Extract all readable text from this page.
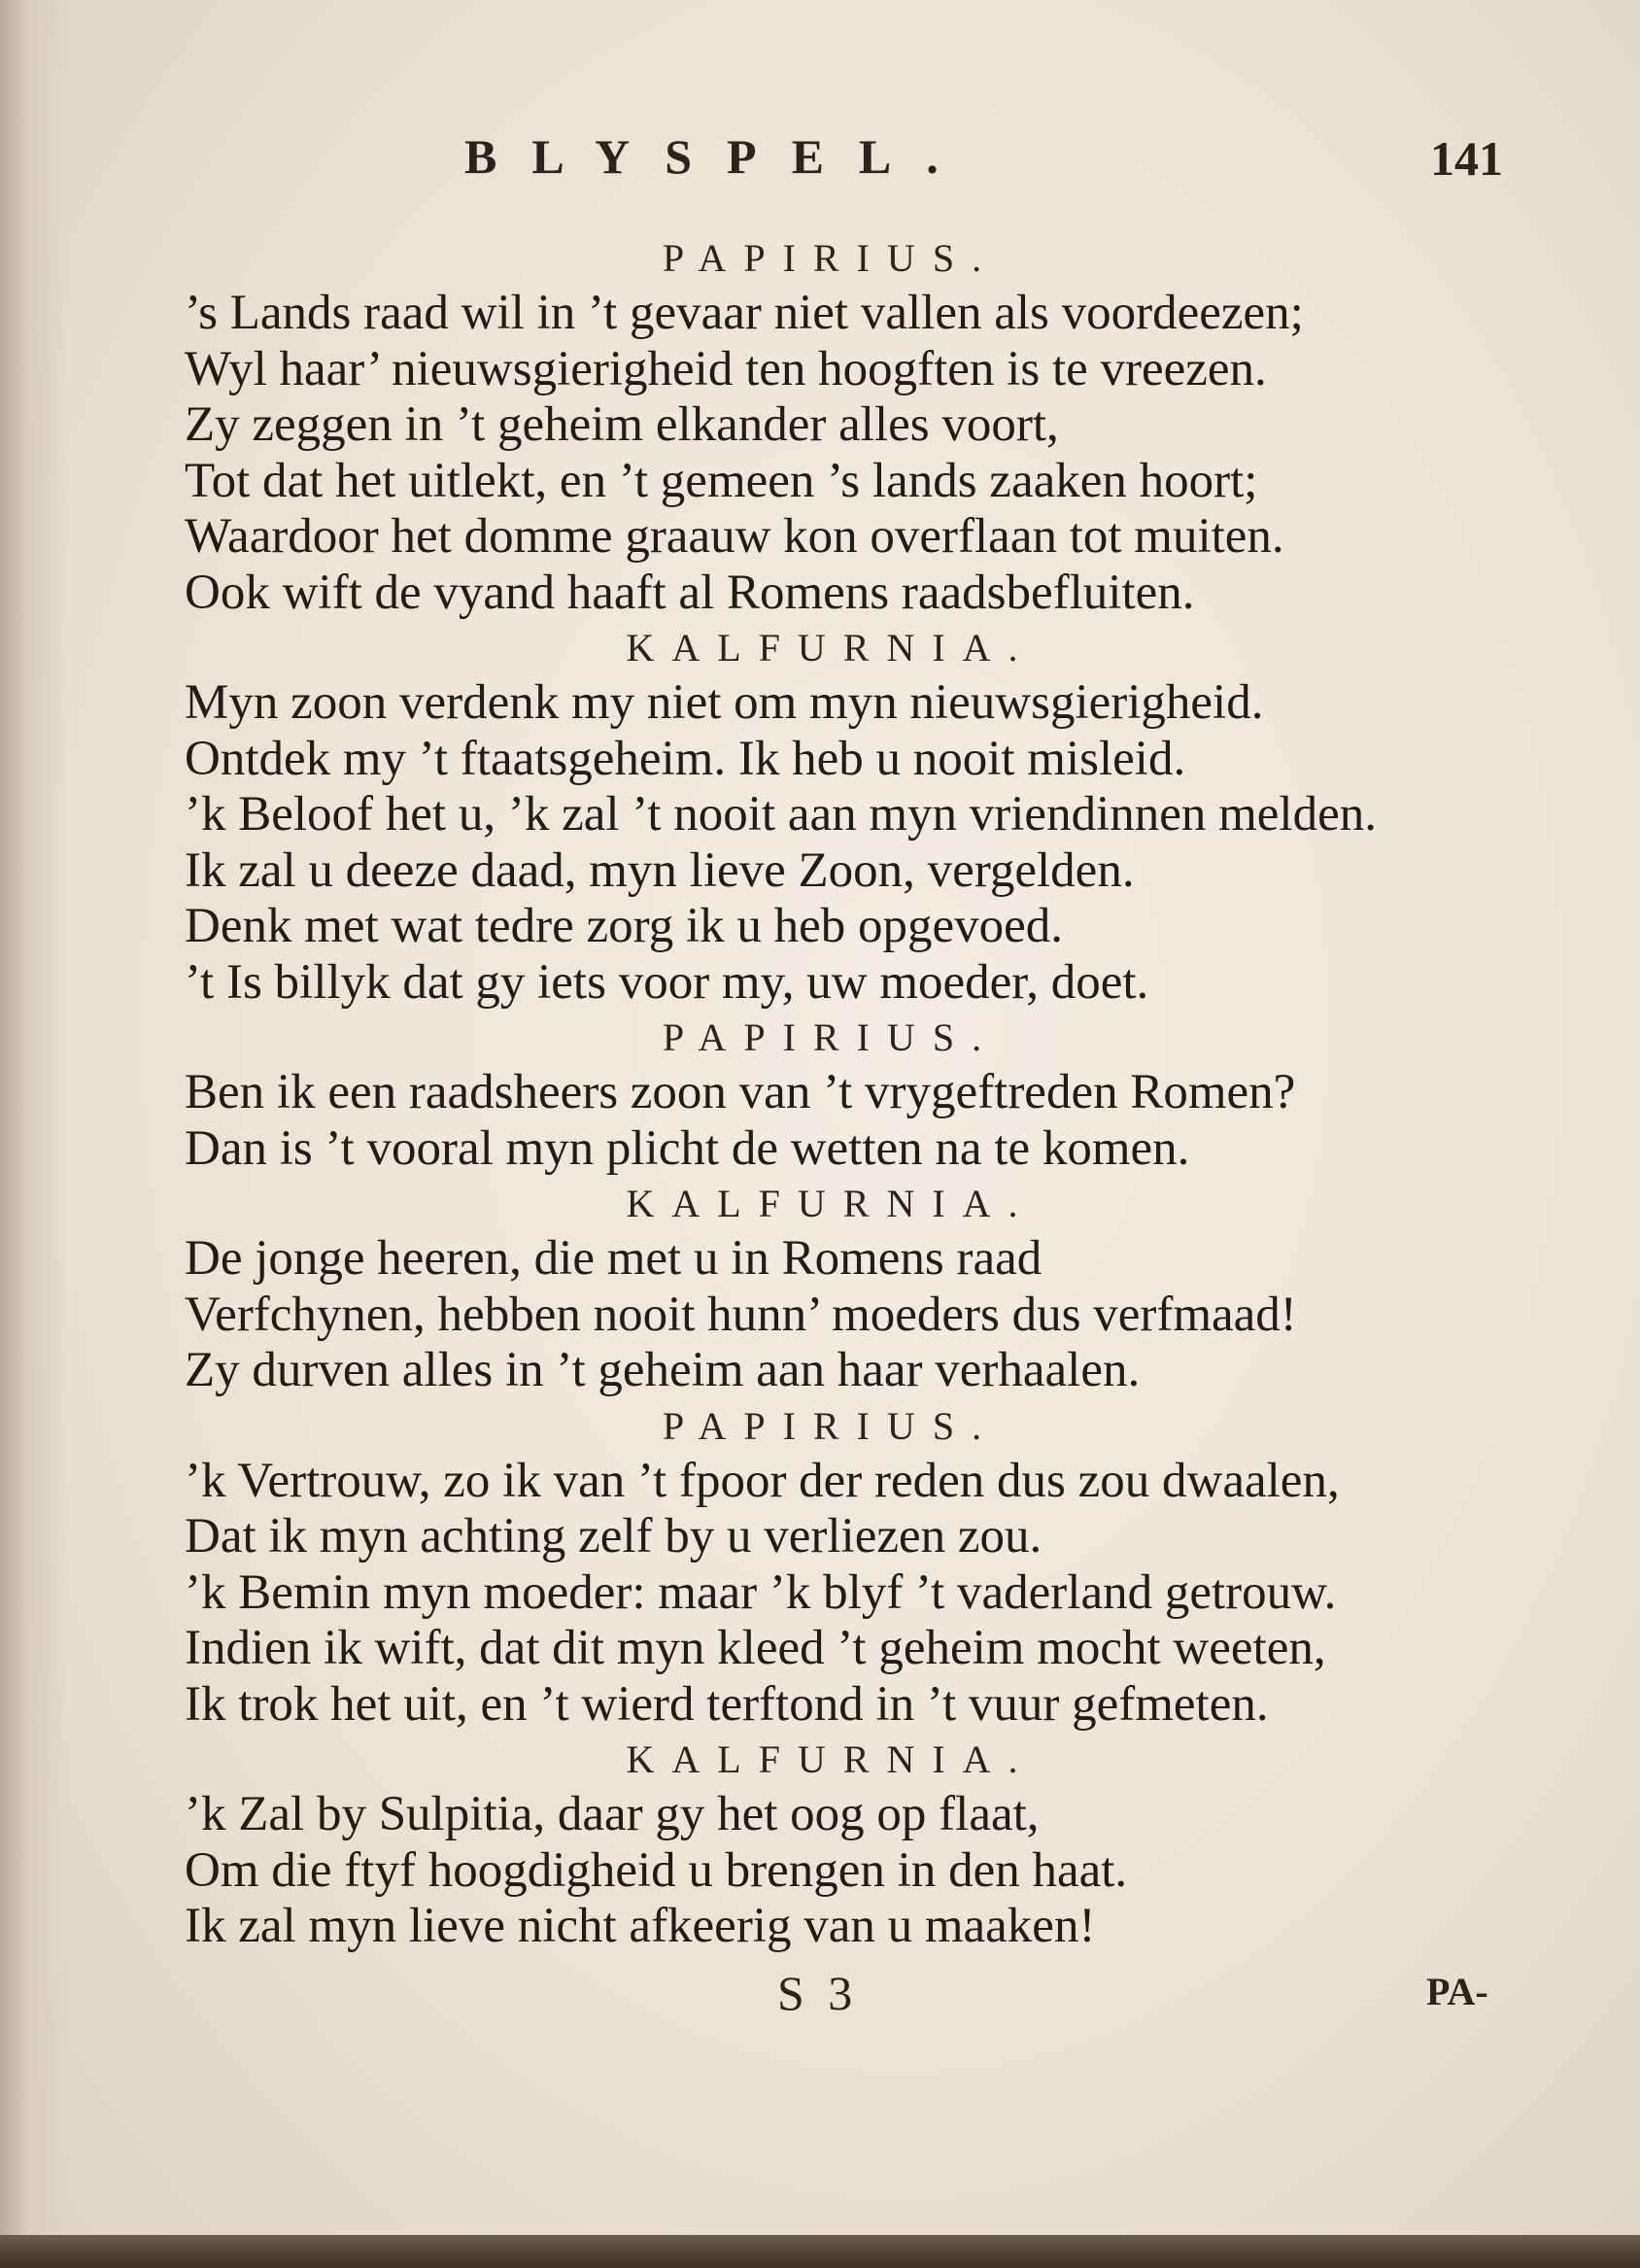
BLYSPEL.	141
PAPIRIUS.
’s Lands raad wil in ’t gevaar niet vallen als voordeezen;
Wyl haar’ nieuwsgierigheid ten hoogften is te vreezen.
Zy zeggen in ’t geheim elkander alles voort,
Tot dat het uitlekt, en ’t gemeen ’s lands zaaken hoort;
Waardoor het domme graauw kon overflaan tot muiten.
Ook wift de vyand haaft al Romens raadsbefluiten.
KALFURNIA.
Myn zoon verdenk my niet om myn nieuwsgierigheid.
Ontdek my ’t ftaatsgeheim. Ik heb u nooit misleid.
’k Beloof het u, ’k zal ’t nooit aan myn vriendinnen melden.
Ik zal u deeze daad, myn lieve Zoon, vergelden.
Denk met wat tedre zorg ik u heb opgevoed.
’t Is billyk dat gy iets voor my, uw moeder, doet.
PAPIRIUS.
Ben ik een raadsheers zoon van ’t vrygeftreden Romen?
Dan is ’t vooral myn plicht de wetten na te komen.
KALFURNIA.
De jonge heeren, die met u in Romens raad
Verfchynen, hebben nooit hunn’ moeders dus verfmaad!
Zy durven alles in ’t geheim aan haar verhaalen.
PAPIRIUS.
’k Vertrouw, zo ik van ’t fpoor der reden dus zou dwaalen,
Dat ik myn achting zelf by u verliezen zou.
’k Bemin myn moeder: maar ’k blyf ’t vaderland getrouw.
Indien ik wift, dat dit myn kleed ’t geheim mocht weeten,
Ik trok het uit, en ’t wierd terftond in ’t vuur gefmeten.
KALFURNIA.
’k Zal by Sulpitia, daar gy het oog op flaat,
Om die ftyf hoogdigheid u brengen in den haat.
Ik zal myn lieve nicht afkeerig van u maaken!
S 3	PA-
